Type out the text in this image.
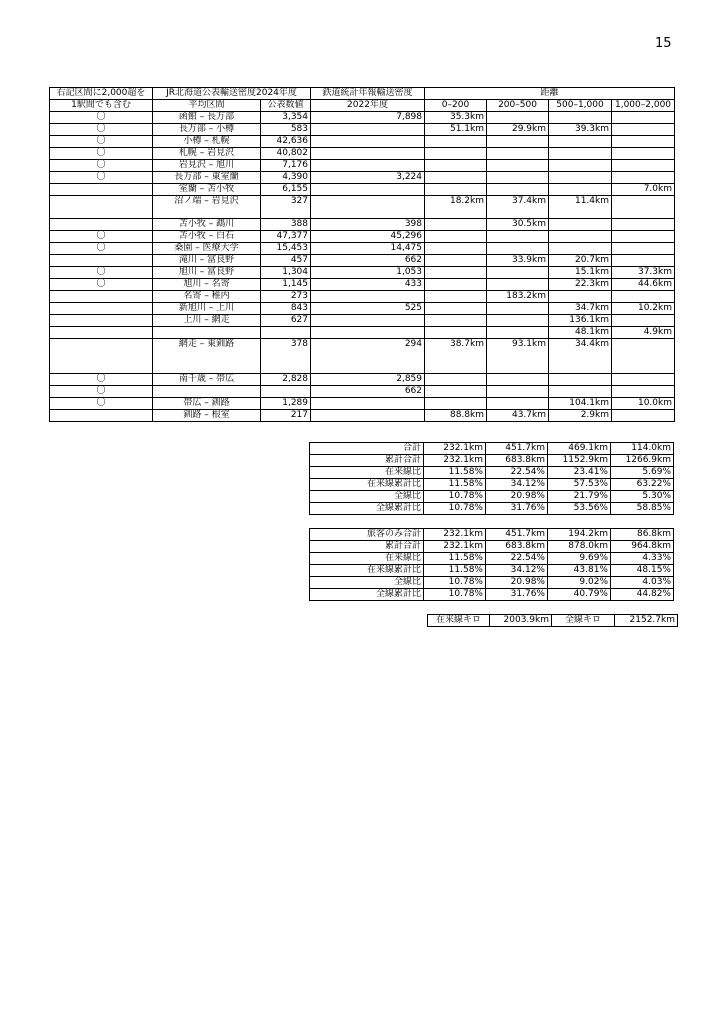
15
右記区間に2,000超を	JR北海道公表輸送密度2024年度		鉄道統計年報輸送密度	距離			
1駅間でも含む	平均区間	公表数値	2022年度	0–200	200–500	500–1,000	1,000–2,000
〇	函館 – 長万部	3,354	7,898	35.3km			
〇	長万部 – 小樽	583		51.1km	29.9km	39.3km	
〇	小樽 – 札幌	42,636					
〇	札幌 – 岩見沢	40,802					
〇	岩見沢 – 旭川	7,176					
〇	長万部 – 東室蘭	4,390	3,224				
	室蘭 – 苫小牧	6,155					7.0km
	沼ノ端 – 岩見沢	327		18.2km	37.4km	11.4km	
	苫小牧 – 鵡川	388	398		30.5km		
〇	苫小牧 – 白石	47,377	45,296				
〇	桑園 – 医療大学	15,453	14,475				
	滝川 – 富良野	457	662		33.9km	20.7km	
〇	旭川 – 富良野	1,304	1,053			15.1km	37.3km
〇	旭川 – 名寄	1,145	433			22.3km	44.6km
	名寄 – 稚内	273			183.2km		
	新旭川 – 上川	843	525			34.7km	10.2km
	上川 – 網走	627				136.1km	
						48.1km	4.9km
	網走 – 東釧路	378	294	38.7km	93.1km	34.4km	
〇	南千歳 – 帯広	2,828	2,859				
〇			662				
〇	帯広 – 釧路	1,289				104.1km	10.0km
	釧路 – 根室	217		88.8km	43.7km	2.9km	
合計	232.1km	451.7km	469.1km	114.0km
累計合計	232.1km	683.8km	1152.9km	1266.9km
在来線比	11.58%	22.54%	23.41%	5.69%
在来線累計比	11.58%	34.12%	57.53%	63.22%
全線比	10.78%	20.98%	21.79%	5.30%
全線累計比	10.78%	31.76%	53.56%	58.85%
旅客のみ合計	232.1km	451.7km	194.2km	86.8km
累計合計	232.1km	683.8km	878.0km	964.8km
在来線比	11.58%	22.54%	9.69%	4.33%
在来線累計比	11.58%	34.12%	43.81%	48.15%
全線比	10.78%	20.98%	9.02%	4.03%
全線累計比	10.78%	31.76%	40.79%	44.82%
在来線キロ	2003.9km	全線キロ	2152.7km
